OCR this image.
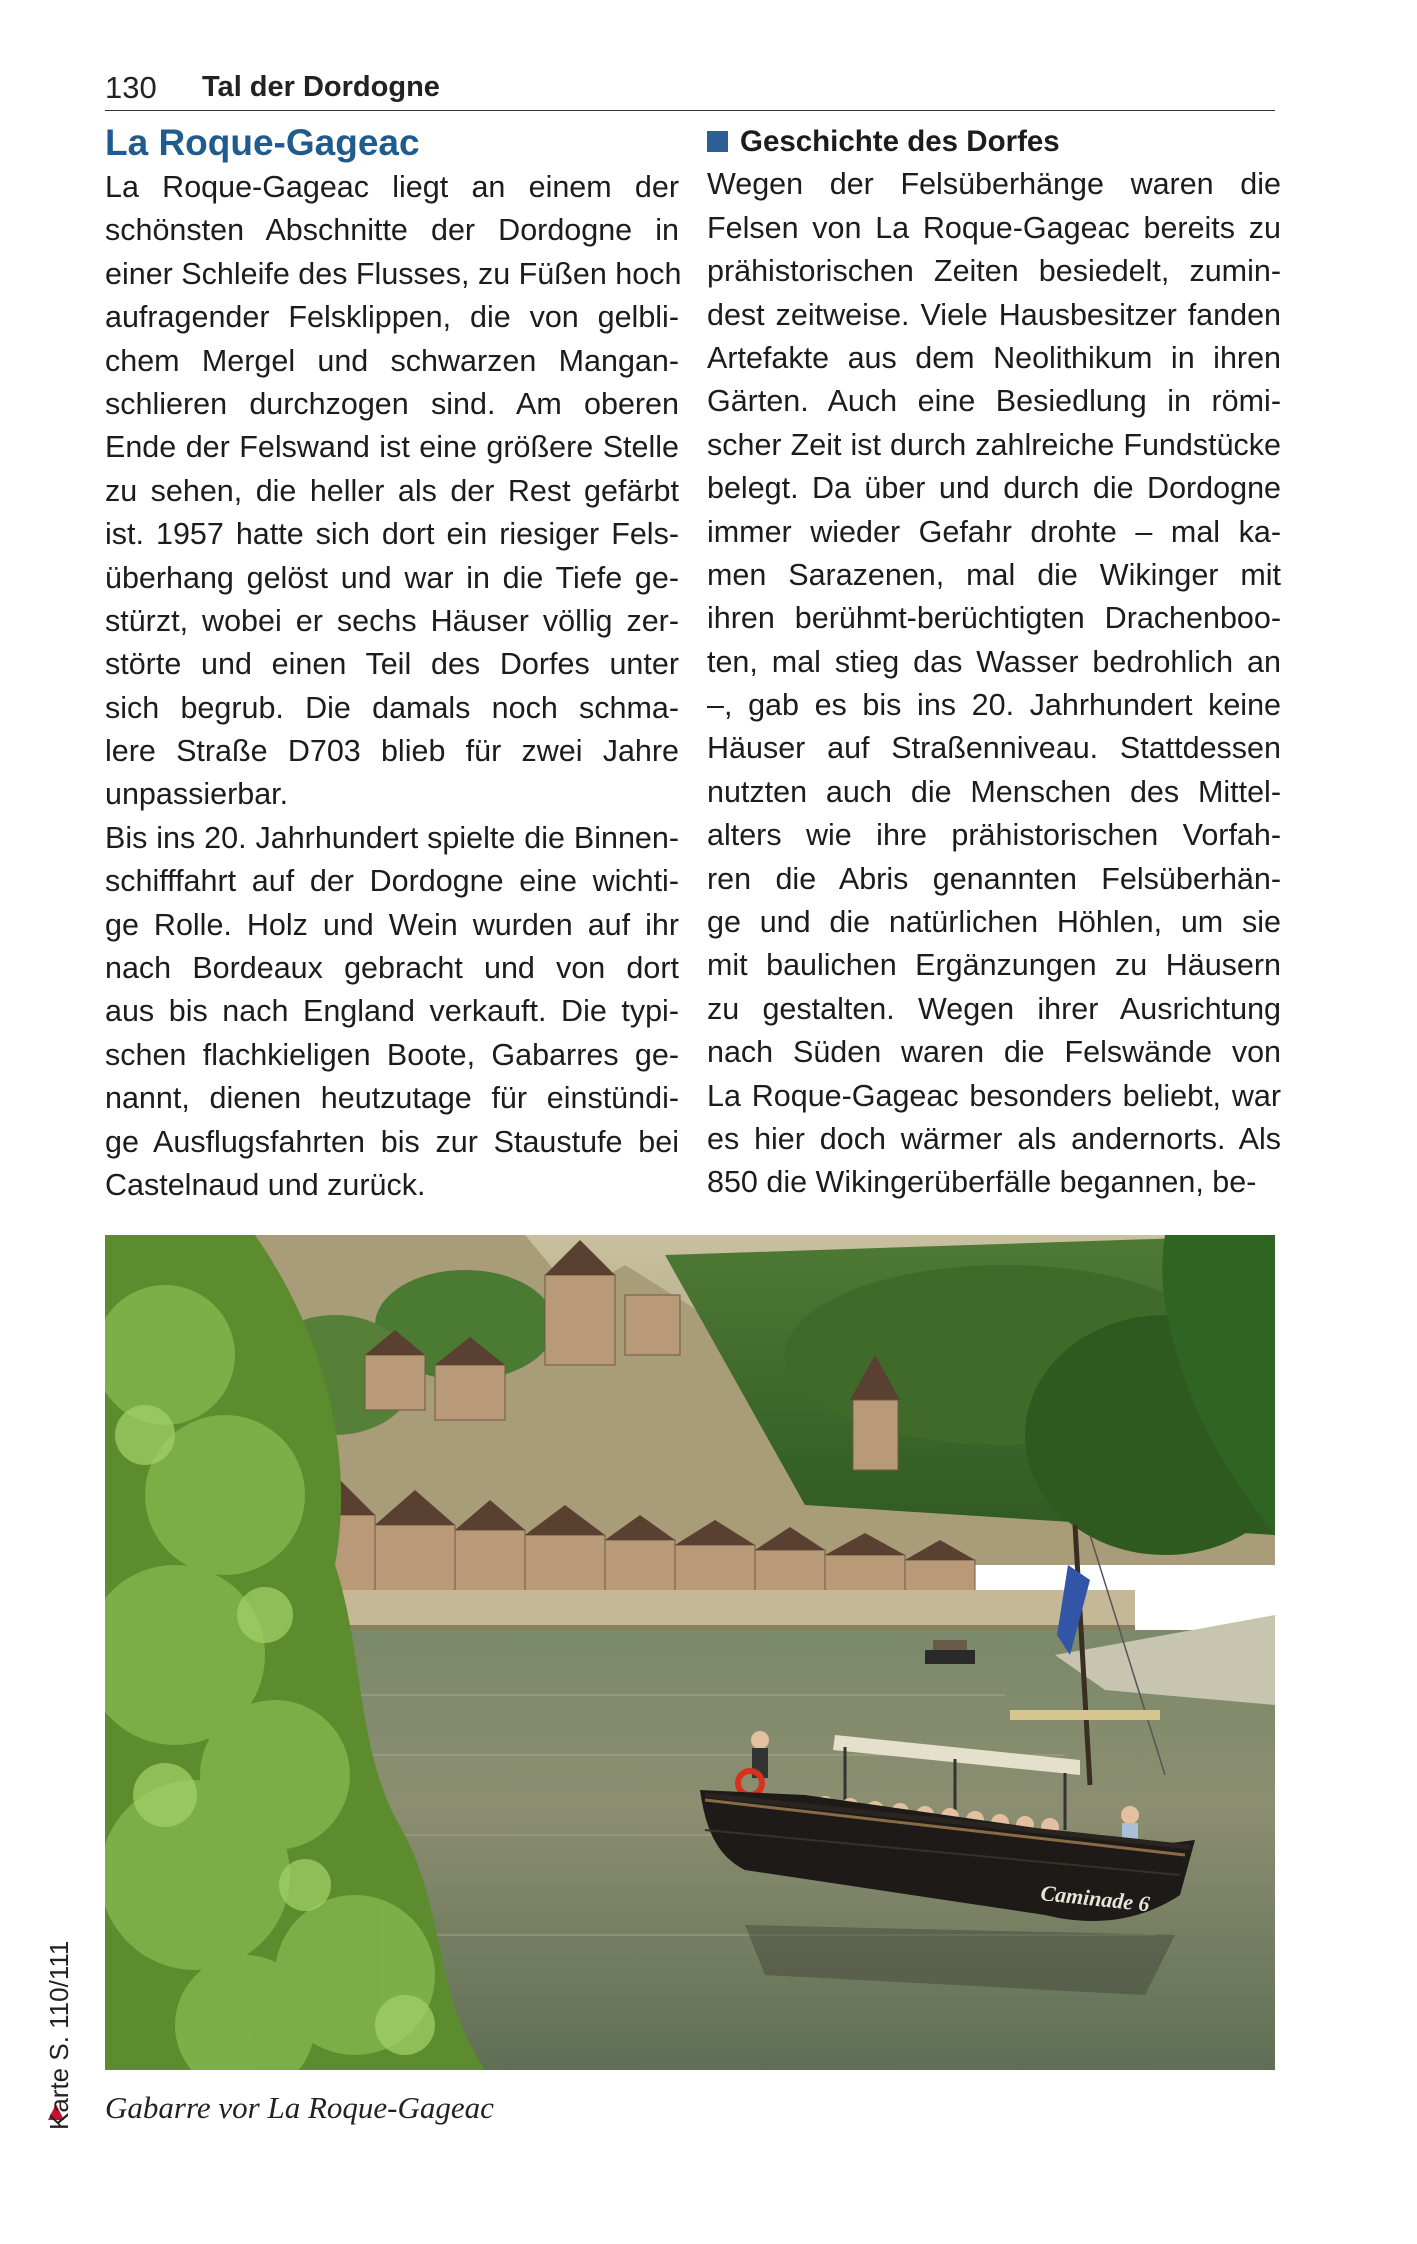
130 Tal der Dordogne
La Roque-Gageac
La Roque-Gageac liegt an einem der
schönsten Abschnitte der Dordogne in
einer Schleife des Flusses, zu Füßen hoch
aufragender Felsklippen, die von gelbli-
chem Mergel und schwarzen Mangan-
schlieren durchzogen sind. Am oberen
Ende der Felswand ist eine größere Stelle
zu sehen, die heller als der Rest gefärbt
ist. 1957 hatte sich dort ein riesiger Fels-
überhang gelöst und war in die Tiefe ge-
stürzt, wobei er sechs Häuser völlig zer-
störte und einen Teil des Dorfes unter
sich begrub. Die damals noch schma-
lere Straße D703 blieb für zwei Jahre
unpassierbar.
Bis ins 20. Jahrhundert spielte die Binnen-
schifffahrt auf der Dordogne eine wichti-
ge Rolle. Holz und Wein wurden auf ihr
nach Bordeaux gebracht und von dort
aus bis nach England verkauft. Die typi-
schen flachkieligen Boote, Gabarres ge-
nannt, dienen heutzutage für einstündi-
ge Ausflugsfahrten bis zur Staustufe bei
Castelnaud und zurück.
Geschichte des Dorfes
Wegen der Felsüberhänge waren die
Felsen von La Roque-Gageac bereits zu
prähistorischen Zeiten besiedelt, zumin-
dest zeitweise. Viele Hausbesitzer fanden
Artefakte aus dem Neolithikum in ihren
Gärten. Auch eine Besiedlung in römi-
scher Zeit ist durch zahlreiche Fundstücke
belegt. Da über und durch die Dordogne
immer wieder Gefahr drohte – mal ka-
men Sarazenen, mal die Wikinger mit
ihren berühmt-berüchtigten Drachenboo-
ten, mal stieg das Wasser bedrohlich an
–, gab es bis ins 20. Jahrhundert keine
Häuser auf Straßenniveau. Stattdessen
nutzten auch die Menschen des Mittel-
alters wie ihre prähistorischen Vorfah-
ren die Abris genannten Felsüberhän-
ge und die natürlichen Höhlen, um sie
mit baulichen Ergänzungen zu Häusern
zu gestalten. Wegen ihrer Ausrichtung
nach Süden waren die Felswände von
La Roque-Gageac besonders beliebt, war
es hier doch wärmer als andernorts. Als
850 die Wikingerüberfälle begannen, be-
Caminade 6
Gabarre vor La Roque-Gageac
Karte S. 110/111
